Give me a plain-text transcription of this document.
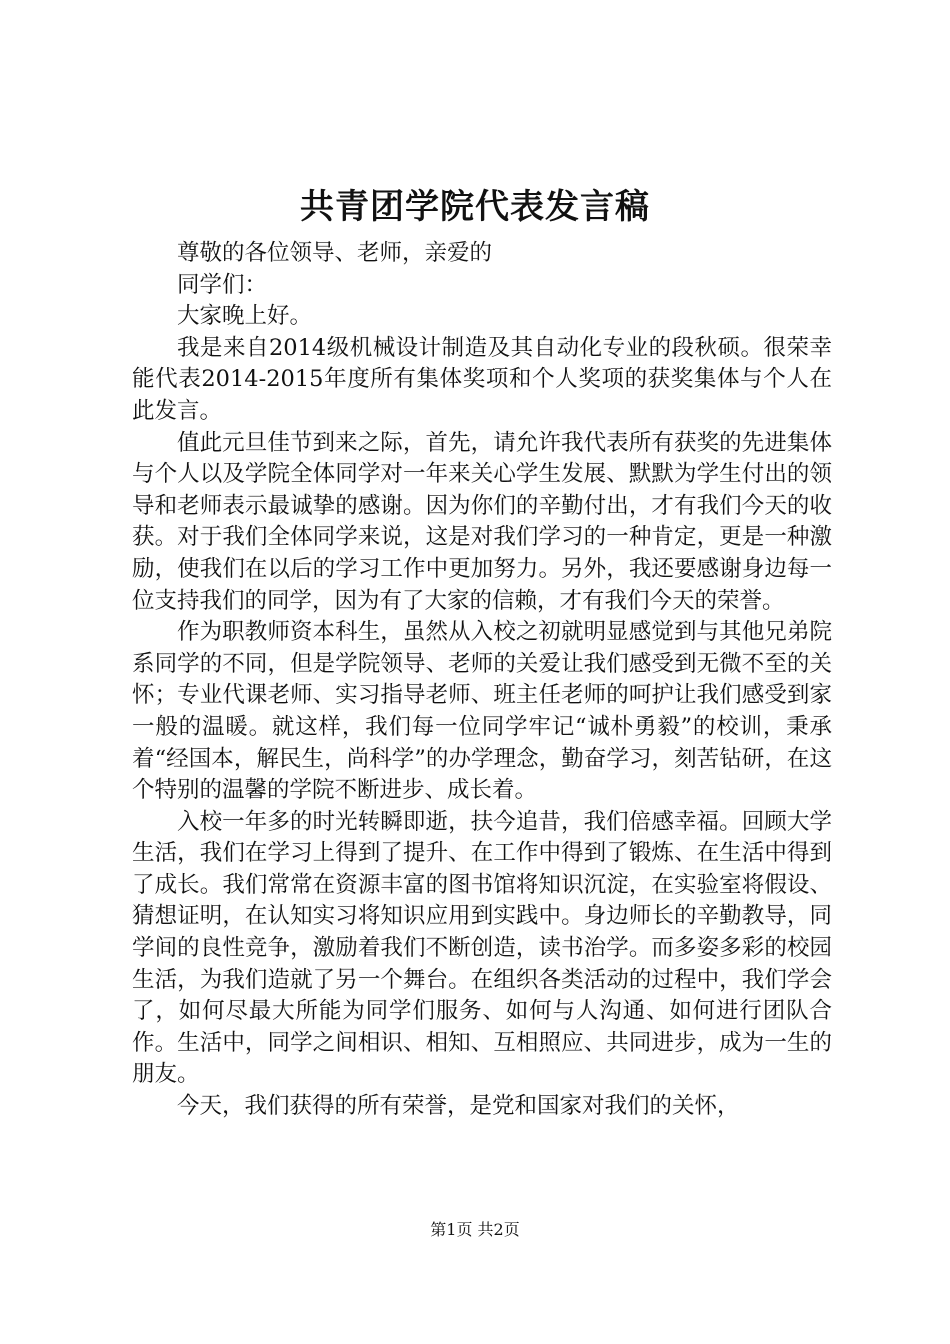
共青团学院代表发言稿

尊敬的各位领导、老师，亲爱的

同学们：

大家晚上好。

我是来自2014级机械设计制造及其自动化专业的段秋硕。很荣幸能代表2014-2015年度所有集体奖项和个人奖项的获奖集体与个人在此发言。

值此元旦佳节到来之际，首先，请允许我代表所有获奖的先进集体与个人以及学院全体同学对一年来关心学生发展、默默为学生付出的领导和老师表示最诚挚的感谢。因为你们的辛勤付出，才有我们今天的收获。对于我们全体同学来说，这是对我们学习的一种肯定，更是一种激励，使我们在以后的学习工作中更加努力。另外，我还要感谢身边每一位支持我们的同学，因为有了大家的信赖，才有我们今天的荣誉。

作为职教师资本科生，虽然从入校之初就明显感觉到与其他兄弟院系同学的不同，但是学院领导、老师的关爱让我们感受到无微不至的关怀；专业代课老师、实习指导老师、班主任老师的呵护让我们感受到家一般的温暖。就这样，我们每一位同学牢记“诚朴勇毅”的校训，秉承着“经国本，解民生，尚科学”的办学理念，勤奋学习，刻苦钻研，在这个特别的温馨的学院不断进步、成长着。

入校一年多的时光转瞬即逝，扶今追昔，我们倍感幸福。回顾大学生活，我们在学习上得到了提升、在工作中得到了锻炼、在生活中得到了成长。我们常常在资源丰富的图书馆将知识沉淀，在实验室将假设、猜想证明，在认知实习将知识应用到实践中。身边师长的辛勤教导，同学间的良性竞争，激励着我们不断创造，读书治学。而多姿多彩的校园生活，为我们造就了另一个舞台。在组织各类活动的过程中，我们学会了，如何尽最大所能为同学们服务、如何与人沟通、如何进行团队合作。生活中，同学之间相识、相知、互相照应、共同进步，成为一生的朋友。

今天，我们获得的所有荣誉，是党和国家对我们的关怀，

第1页 共2页
